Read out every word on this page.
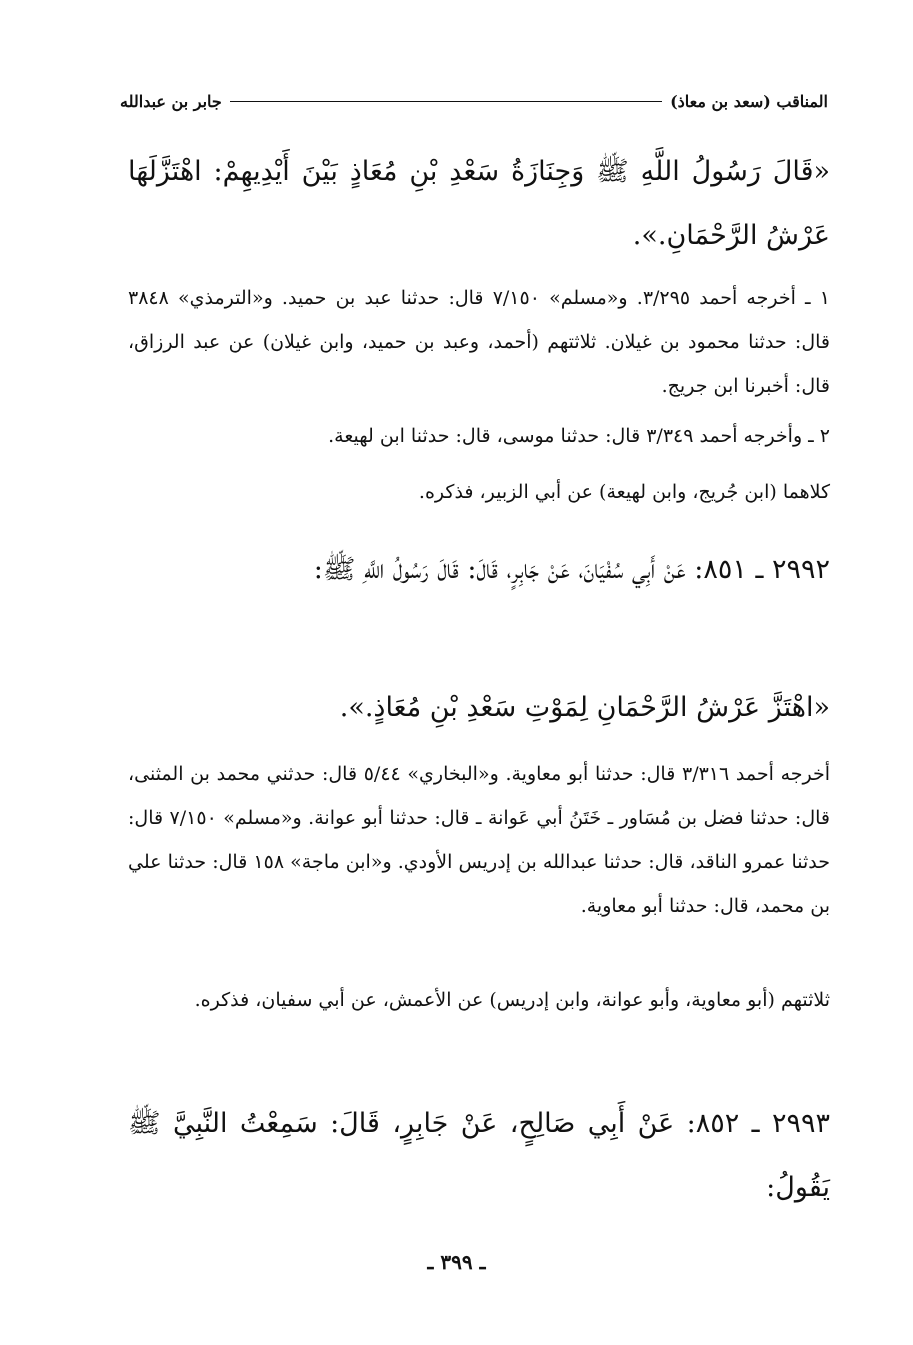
المناقب (سعد بن معاذ)
جابر بن عبدالله

«قَالَ رَسُولُ اللَّهِ ﷺ وَجِنَازَةُ سَعْدِ بْنِ مُعَاذٍ بَيْنَ أَيْدِيهِمْ: اهْتَزَّلَهَا عَرْشُ الرَّحْمَانِ.».

١ ـ أخرجه أحمد ٣/٢٩٥. و«مسلم» ٧/١٥٠ قال: حدثنا عبد بن حميد. و«الترمذي» ٣٨٤٨ قال: حدثنا محمود بن غيلان. ثلاثتهم (أحمد، وعبد بن حميد، وابن غيلان) عن عبد الرزاق، قال: أخبرنا ابن جريج.

٢ ـ وأخرجه أحمد ٣/٣٤٩ قال: حدثنا موسى، قال: حدثنا ابن لهيعة.

كلاهما (ابن جُريج، وابن لهيعة) عن أبي الزبير، فذكره.

٢٩٩٢ ـ ٨٥١: عَنْ أَبِي سُفْيَانَ، عَنْ جَابِرٍ، قَالَ: قَالَ رَسُولُ اللَّهِ ﷺ:

«اهْتَزَّ عَرْشُ الرَّحْمَانِ لِمَوْتِ سَعْدِ بْنِ مُعَاذٍ.».

أخرجه أحمد ٣/٣١٦ قال: حدثنا أبو معاوية. و«البخاري» ٥/٤٤ قال: حدثني محمد بن المثنى، قال: حدثنا فضل بن مُسَاور ـ خَتَنُ أبي عَوانة ـ قال: حدثنا أبو عوانة. و«مسلم» ٧/١٥٠ قال: حدثنا عمرو الناقد، قال: حدثنا عبدالله بن إدريس الأودي. و«ابن ماجة» ١٥٨ قال: حدثنا علي بن محمد، قال: حدثنا أبو معاوية.

ثلاثتهم (أبو معاوية، وأبو عوانة، وابن إدريس) عن الأعمش، عن أبي سفيان، فذكره.

٢٩٩٣ ـ ٨٥٢: عَنْ أَبِي صَالِحٍ، عَنْ جَابِرٍ، قَالَ: سَمِعْتُ النَّبِيَّ ﷺ يَقُولُ:

ـ ٣٩٩ ـ
